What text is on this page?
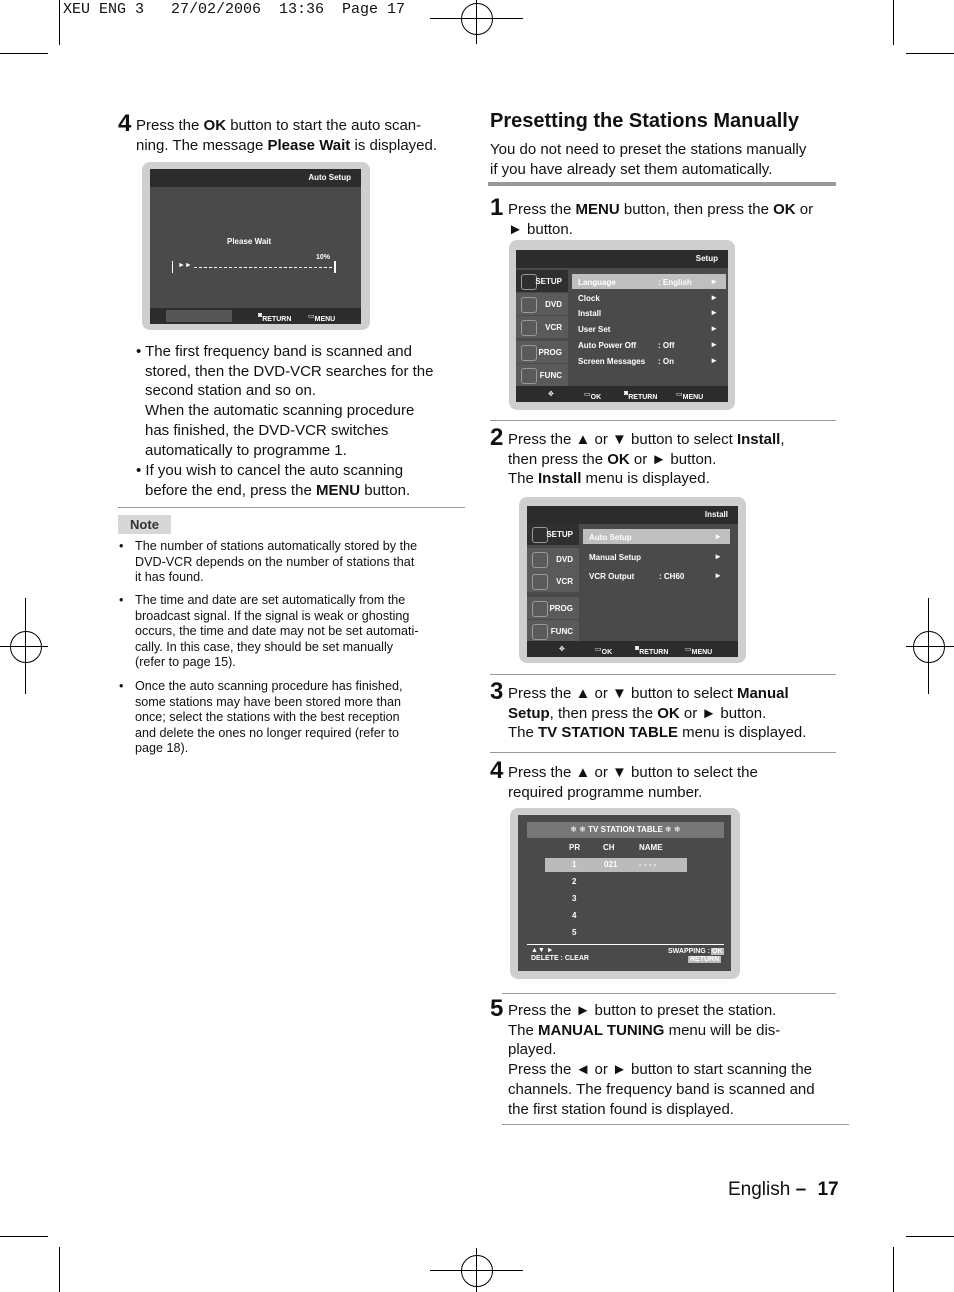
XEU ENG 3   27/02/2006  13:36  Page 17
4 Press the OK button to start the auto scan-
ning. The message Please Wait is displayed.
Auto Setup
Please Wait
10%
►►
◙
RETURN ▭ MENU
• The first frequency band is scanned and
stored, then the DVD-VCR searches for the
second station and so on.
When the automatic scanning procedure
has finished, the DVD-VCR switches
automatically to programme 1.
• If you wish to cancel the auto scanning
before the end, press the MENU button.
Note
• The number of stations automatically stored by the
DVD-VCR depends on the number of stations that
it has found.
• The time and date are set automatically from the
broadcast signal. If the signal is weak or ghosting
occurs, the time and date may not be set automati-
cally. In this case, they should be set manually
(refer to page 15).
• Once the auto scanning procedure has finished,
some stations may have been stored more than
once; select the stations with the best reception
and delete the ones no longer required (refer to
page 18).
Presetting the Stations Manually
You do not need to preset the stations manually
if you have already set them automatically.
1 Press the MENU button, then press the OK or
► button.
Setup
SETUP
DVD
VCR
PROG
FUNC
Language	: English ►
Clock	►
Install	►
User Set	►
Auto Power Off	: Off	►
Screen Messages : On	►
✥	▭ OK
◙
RETURN	▭ MENU
2 Press the ▲ or ▼ button to select Install,
then press the OK or ► button.
The Install menu is displayed.
Install
SETUP
DVD
VCR
PROG
FUNC
Auto Setup	►
Manual Setup	►
VCR Output	: CH60	►
✥	▭ OK
◙
RETURN ▭ MENU
3 Press the ▲ or ▼ button to select Manual
Setup, then press the OK or ► button.
The TV STATION TABLE menu is displayed.
4 Press the ▲ or ▼ button to select the
required programme number.
❄ ❄ TV STATION TABLE ❄ ❄
PR	CH	NAME
1	021	- - - -
2
3
4
5
▲▼ ►
DELETE : CLEAR
SWAPPING : OK
RETURN
5 Press the ► button to preset the station.
The MANUAL TUNING menu will be dis-
played.
Press the ◄ or ► button to start scanning the
channels. The frequency band is scanned and
the first station found is displayed.
English – 17
